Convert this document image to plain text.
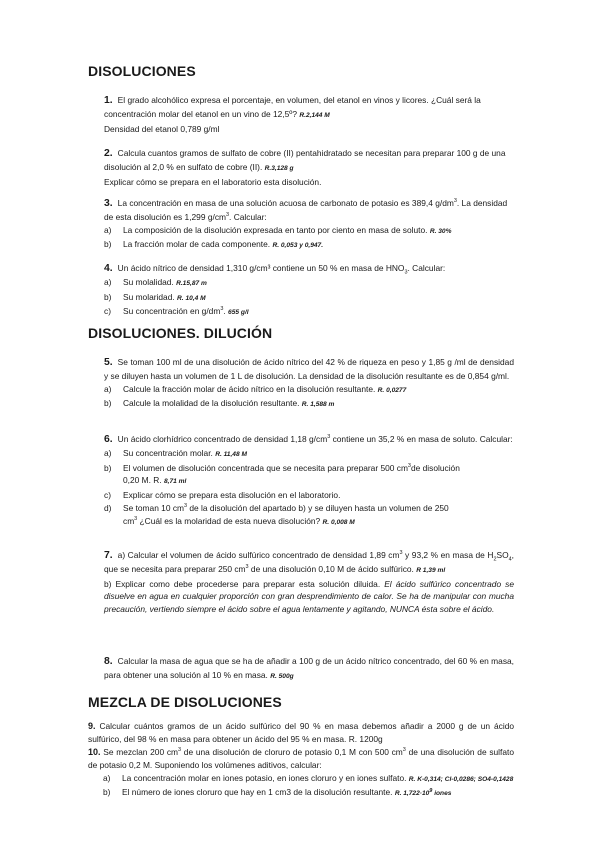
DISOLUCIONES
1. El grado alcohólico expresa el porcentaje, en volumen, del etanol en vinos y licores. ¿Cuál será la concentración molar del etanol en un vino de 12,5º? R.2,144 M
Densidad del etanol 0,789 g/ml
2. Calcula cuantos gramos de sulfato de cobre (II) pentahidratado se necesitan para preparar 100 g de una disolución al 2,0 % en sulfato de cobre (II). R.3,128 g
Explicar cómo se prepara en el laboratorio esta disolución.
3. La concentración en masa de una solución acuosa de carbonato de potasio es 389,4 $g/dm^3$. La densidad de esta disolución es 1,299 $g/cm^3$. Calcular:
a)	La composición de la disolución expresada en tanto por ciento en masa de soluto. R. 30%
b)	La fracción molar de cada componente. R. 0,053 y 0,947.
4. Un ácido nítrico de densidad 1,310 g/cm³ contiene un 50 % en masa de $HNO_3$. Calcular:
a)	Su molalidad. R.15,87 m
b)	Su molaridad. R. 10,4 M
c)	Su concentración en $g/dm^3$. 655 g/l
DISOLUCIONES. DILUCIÓN
5. Se toman 100 ml de una disolución de ácido nítrico del 42 % de riqueza en peso y 1,85 g /ml de densidad y se diluyen hasta un volumen de 1 L de disolución. La densidad de la disolución resultante es de 0,854 g/ml.
a)	Calcule la fracción molar de ácido nítrico en la disolución resultante. R. 0,0277
b)	Calcule la molalidad de la disolución resultante. R. 1,588 m
6. Un ácido clorhídrico concentrado de densidad 1,18 $g/cm^3$ contiene un 35,2 % en masa de soluto. Calcular:
a)	Su concentración molar. R. 11,48 M
b)	El volumen de disolución concentrada que se necesita para preparar 500 $cm^3de$ disolución
0,20 M. R. 8,71 ml
c)	Explicar cómo se prepara esta disolución en el laboratorio.
d)	Se toman 10 $cm^3$ de la disolución del apartado b) y se diluyen hasta un volumen de 250
$cm^3$ ¿Cuál es la molaridad de esta nueva disolución? R. 0,008 M
7. a) Calcular el volumen de ácido sulfúrico concentrado de densidad 1,89 $cm^3$ y 93,2 % en masa de $H_2SO_4$, que se necesita para preparar 250 $cm^3$ de una disolución 0,10 M de ácido sulfúrico. R 1,39 ml
b) Explicar como debe procederse para preparar esta solución diluida. El ácido sulfúrico concentrado se disuelve en agua en cualquier proporción con gran desprendimiento de calor. Se ha de manipular con mucha precaución, vertiendo siempre el ácido sobre el agua lentamente y agitando, NUNCA ésta sobre el ácido.
8. Calcular la masa de agua que se ha de añadir a 100 g de un ácido nítrico concentrado, del 60 % en masa, para obtener una solución al 10 % en masa. R. 500g
MEZCLA DE DISOLUCIONES
9. Calcular cuántos gramos de un ácido sulfúrico del 90 % en masa debemos añadir a 2000 g de un ácido sulfúrico, del 98 % en masa para obtener un ácido del 95 % en masa. R. 1200g
10. Se mezclan 200 $cm^3$ de una disolución de cloruro de potasio 0,1 M con 500 $cm^3$ de una disolución de sulfato de potasio 0,2 M. Suponiendo los volúmenes aditivos, calcular:
a)	La concentración molar en iones potasio, en iones cloruro y en iones sulfato. R. K-0,314; Cl-0,0286; SO4-0,1428
b)	El número de iones cloruro que hay en 1 cm3 de la disolución resultante. R. $1,722\cdot 10^9$ iones
